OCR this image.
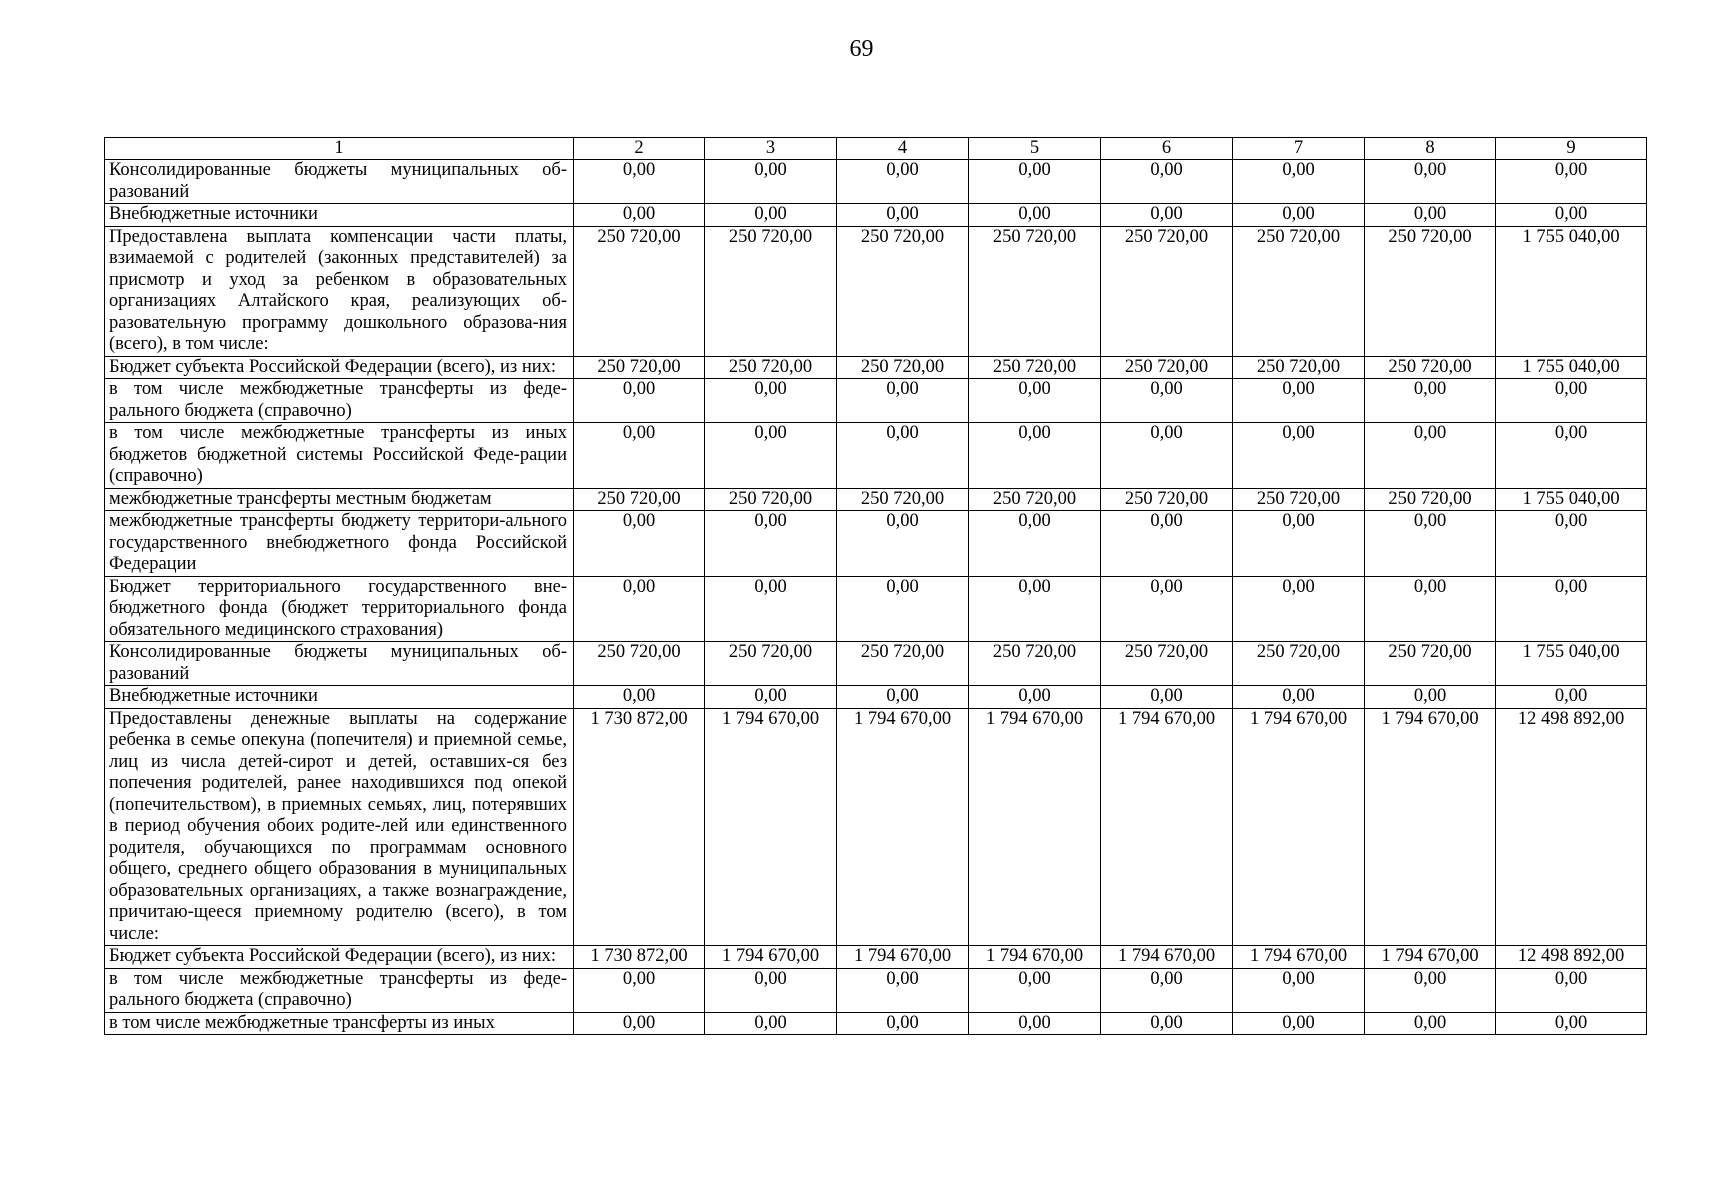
69
1	2	3	4	5	6	7	8	9
Консолидированные бюджеты муниципальных об-разований	0,00	0,00	0,00	0,00	0,00	0,00	0,00	0,00
Внебюджетные источники	0,00	0,00	0,00	0,00	0,00	0,00	0,00	0,00
Предоставлена выплата компенсации части платы, взимаемой с родителей (законных представителей) за присмотр и уход за ребенком в образовательных организациях Алтайского края, реализующих об-разовательную программу дошкольного образова-ния (всего), в том числе:	250 720,00	250 720,00	250 720,00	250 720,00	250 720,00	250 720,00	250 720,00	1 755 040,00
Бюджет субъекта Российской Федерации (всего), из них:	250 720,00	250 720,00	250 720,00	250 720,00	250 720,00	250 720,00	250 720,00	1 755 040,00
в том числе межбюджетные трансферты из феде-рального бюджета (справочно)	0,00	0,00	0,00	0,00	0,00	0,00	0,00	0,00
в том числе межбюджетные трансферты из иных бюджетов бюджетной системы Российской Феде-рации (справочно)	0,00	0,00	0,00	0,00	0,00	0,00	0,00	0,00
межбюджетные трансферты местным бюджетам	250 720,00	250 720,00	250 720,00	250 720,00	250 720,00	250 720,00	250 720,00	1 755 040,00
межбюджетные трансферты бюджету территори-ального государственного внебюджетного фонда Российской Федерации	0,00	0,00	0,00	0,00	0,00	0,00	0,00	0,00
Бюджет территориального государственного вне-бюджетного фонда (бюджет территориального фонда обязательного медицинского страхования)	0,00	0,00	0,00	0,00	0,00	0,00	0,00	0,00
Консолидированные бюджеты муниципальных об-разований	250 720,00	250 720,00	250 720,00	250 720,00	250 720,00	250 720,00	250 720,00	1 755 040,00
Внебюджетные источники	0,00	0,00	0,00	0,00	0,00	0,00	0,00	0,00
Предоставлены денежные выплаты на содержание ребенка в семье опекуна (попечителя) и приемной семье, лиц из числа детей-сирот и детей, оставших-ся без попечения родителей, ранее находившихся под опекой (попечительством), в приемных семьях, лиц, потерявших в период обучения обоих родите-лей или единственного родителя, обучающихся по программам основного общего, среднего общего образования в муниципальных образовательных организациях, а также вознаграждение, причитаю-щееся приемному родителю (всего), в том числе:	1 730 872,00	1 794 670,00	1 794 670,00	1 794 670,00	1 794 670,00	1 794 670,00	1 794 670,00	12 498 892,00
Бюджет субъекта Российской Федерации (всего), из них:	1 730 872,00	1 794 670,00	1 794 670,00	1 794 670,00	1 794 670,00	1 794 670,00	1 794 670,00	12 498 892,00
в том числе межбюджетные трансферты из феде-рального бюджета (справочно)	0,00	0,00	0,00	0,00	0,00	0,00	0,00	0,00
в том числе межбюджетные трансферты из иных	0,00	0,00	0,00	0,00	0,00	0,00	0,00	0,00
